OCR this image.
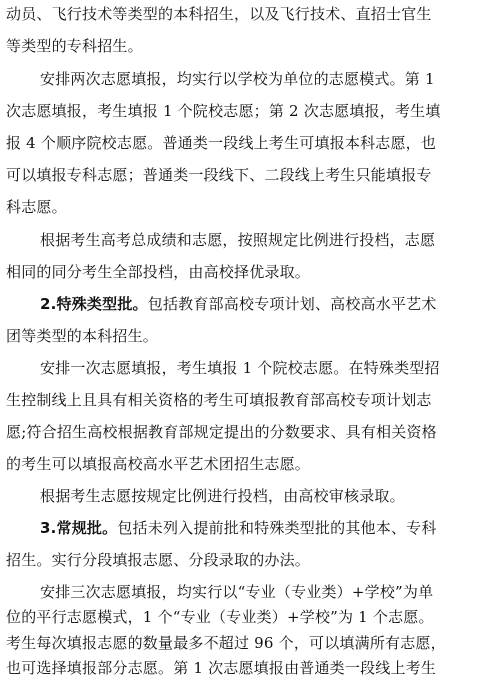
动员、飞行技术等类型的本科招生，以及飞行技术、直招士官生
等类型的专科招生。
安排两次志愿填报，均实行以学校为单位的志愿模式。第 1
次志愿填报，考生填报 1 个院校志愿；第 2 次志愿填报，考生填
报 4 个顺序院校志愿。普通类一段线上考生可填报本科志愿，也
可以填报专科志愿；普通类一段线下、二段线上考生只能填报专
科志愿。
根据考生高考总成绩和志愿，按照规定比例进行投档，志愿
相同的同分考生全部投档，由高校择优录取。
2.特殊类型批。包括教育部高校专项计划、高校高水平艺术
团等类型的本科招生。
安排一次志愿填报，考生填报 1 个院校志愿。在特殊类型招
生控制线上且具有相关资格的考生可填报教育部高校专项计划志
愿;符合招生高校根据教育部规定提出的分数要求、具有相关资格
的考生可以填报高校高水平艺术团招生志愿。
根据考生志愿按规定比例进行投档，由高校审核录取。
3.常规批。包括未列入提前批和特殊类型批的其他本、专科
招生。实行分段填报志愿、分段录取的办法。
安排三次志愿填报，均实行以“专业（专业类）+学校”为单
位的平行志愿模式，1 个“专业（专业类）+学校”为 1 个志愿。
考生每次填报志愿的数量最多不超过 96 个，可以填满所有志愿，
也可选择填报部分志愿。第 1 次志愿填报由普通类一段线上考生
